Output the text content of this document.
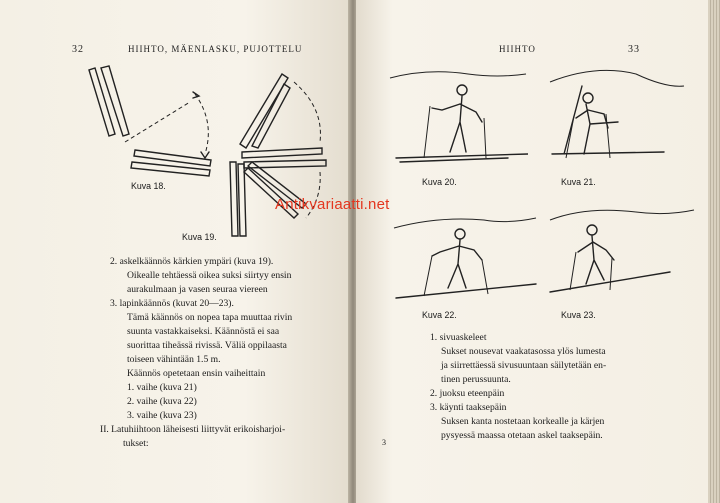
32	HIIHTO, MÄENLASKU, PUJOTTELU
Kuva 18.
Kuva 19.
2. askelkäännös kärkien ympäri (kuva 19).
Oikealle tehtäessä oikea suksi siirtyy ensin
aurakulmaan ja vasen seuraa viereen
3. lapinkäännös (kuvat 20—23).
Tämä käännös on nopea tapa muuttaa rivin
suunta vastakkaiseksi. Käännöstä ei saa
suorittaa tiheässä rivissä. Väliä oppilaasta
toiseen vähintään 1.5 m.
Käännös opetetaan ensin vaiheittain
1. vaihe (kuva 21)
2. vaihe (kuva 22)
3. vaihe (kuva 23)
II. Latuhiihtoon läheisesti liittyvät erikoisharjoi-
tukset:
HIIHTO	33
Kuva 20.	Kuva 21.
Kuva 22.	Kuva 23.
1. sivuaskeleet
Sukset nousevat vaakatasossa ylös lumesta
ja siirrettäessä sivusuuntaan säilytetään en-
tinen perussuunta.
2. juoksu eteenpäin
3. käynti taaksepäin
Suksen kanta nostetaan korkealle ja kärjen
pysyessä maassa otetaan askel taaksepäin.
3
Antikvariaatti.net
